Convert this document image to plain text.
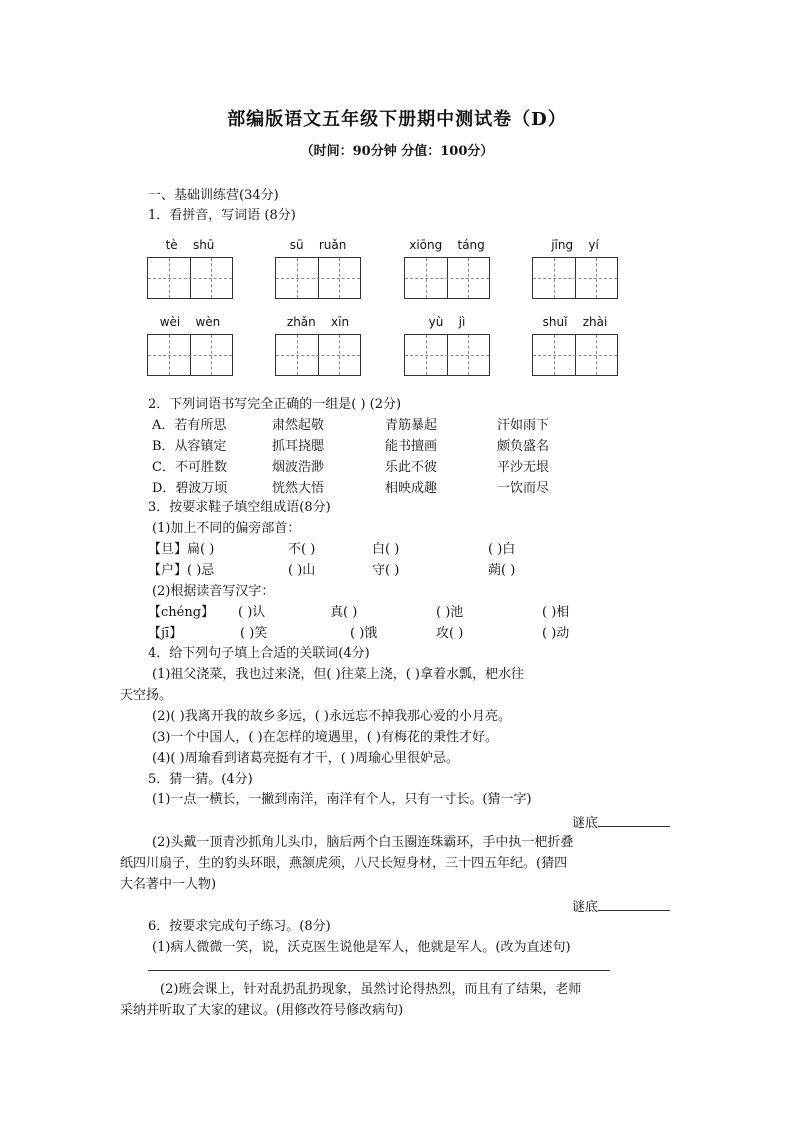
部编版语文五年级下册期中测试卷（D）
（时间：90分钟 分值：100分）
一、基础训练营(34分)
1．看拼音，写词语 (8分)
tè shū	sū ruǎn	xiōng táng	jīng yí
wèi wèn	zhǎn xīn	yù jì	shuǐ zhài
2．下列词语书写完全正确的一组是( ) (2分)
A．若有所思	肃然起敬	青筋暴起	汗如雨下
B．从容镇定	抓耳挠腮	能书擅画	颇负盛名
C．不可胜数	烟波浩渺	乐此不彼	平沙无垠
D．碧波万顷	恍然大悟	相映成趣	一饮而尽
3．按要求鞋子填空组成语(8分)
(1)加上不同的偏旁部首：
【旦】扁( )	不( )	白( )	( )白
【户】( )忌	( )山	守( )	蒴( )
【chéng】 ( )认	真( )	( )池	( )相
【jī】	( )笑	( )饿	攻( )	( )动
(2)根据读音写汉字：
4．给下列句子填上合适的关联词(4分)
(1)祖父浇菜，我也过来浇，但( )往菜上浇，( )拿着水瓢，杷水往
天空扬。
(2)( )我离开我的故乡多远，( )永远忘不掉我那心爱的小月亮。
(3)一个中国人，( )在怎样的境遇里，( )有梅花的秉性才好。
(4)( )周瑜看到诸葛亮挺有才干，( )周瑜心里很妒忌。
5．猜一猜。(4分)
(1)一点一横长，一撇到南洋，南洋有个人，只有一寸长。(猜一字)
谜底
(2)头戴一顶青沙抓角儿头巾，脑后两个白玉圈连珠霸环，手中执一杷折叠
纸四川扇子，生的豹头环眼，燕颔虎须，八尺长短身材，三十四五年纪。(猜四
大名著中一人物)
谜底
6．按要求完成句子练习。(8分)
(1)病人微微一笑，说，沃克医生说他是军人，他就是军人。(改为直述句)
(2)班会课上，针对乱扔乱扔现象，虽然讨论得热烈，而且有了结果，老师
采纳并听取了大家的建议。(用修改符号修改病句)
